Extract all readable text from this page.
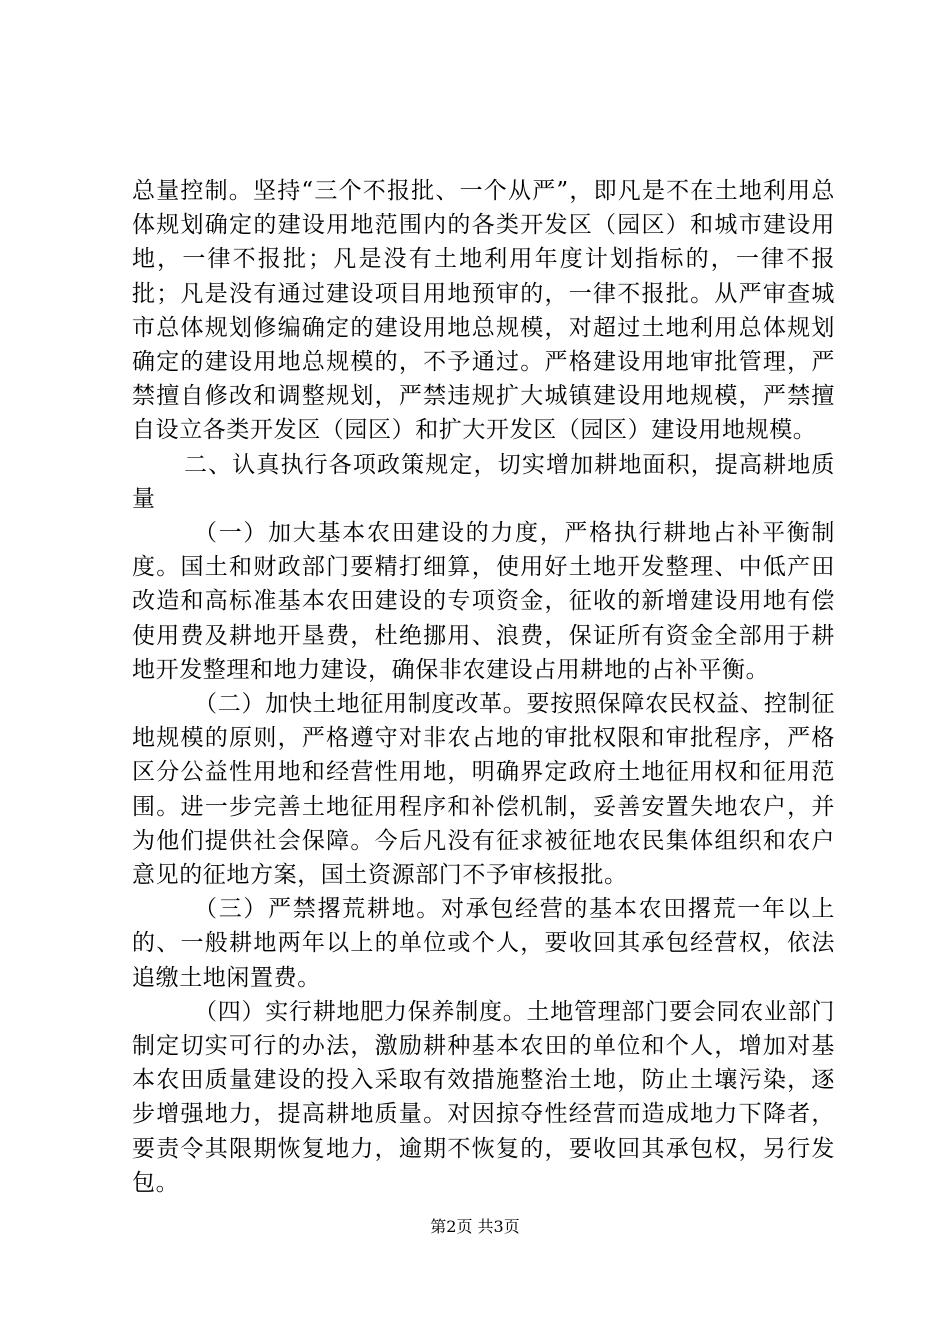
总量控制。坚持“三个不报批、一个从严”，即凡是不在土地利用总体规划确定的建设用地范围内的各类开发区（园区）和城市建设用地，一律不报批；凡是没有土地利用年度计划指标的，一律不报批；凡是没有通过建设项目用地预审的，一律不报批。从严审查城市总体规划修编确定的建设用地总规模，对超过土地利用总体规划确定的建设用地总规模的，不予通过。严格建设用地审批管理，严禁擅自修改和调整规划，严禁违规扩大城镇建设用地规模，严禁擅自设立各类开发区（园区）和扩大开发区（园区）建设用地规模。

二、认真执行各项政策规定，切实增加耕地面积，提高耕地质量

（一）加大基本农田建设的力度，严格执行耕地占补平衡制度。国土和财政部门要精打细算，使用好土地开发整理、中低产田改造和高标准基本农田建设的专项资金，征收的新增建设用地有偿使用费及耕地开垦费，杜绝挪用、浪费，保证所有资金全部用于耕地开发整理和地力建设，确保非农建设占用耕地的占补平衡。

（二）加快土地征用制度改革。要按照保障农民权益、控制征地规模的原则，严格遵守对非农占地的审批权限和审批程序，严格区分公益性用地和经营性用地，明确界定政府土地征用权和征用范围。进一步完善土地征用程序和补偿机制，妥善安置失地农户，并为他们提供社会保障。今后凡没有征求被征地农民集体组织和农户意见的征地方案，国土资源部门不予审核报批。

（三）严禁撂荒耕地。对承包经营的基本农田撂荒一年以上的、一般耕地两年以上的单位或个人，要收回其承包经营权，依法追缴土地闲置费。

（四）实行耕地肥力保养制度。土地管理部门要会同农业部门制定切实可行的办法，激励耕种基本农田的单位和个人，增加对基本农田质量建设的投入采取有效措施整治土地，防止土壤污染，逐步增强地力，提高耕地质量。对因掠夺性经营而造成地力下降者，要责令其限期恢复地力，逾期不恢复的，要收回其承包权，另行发包。

第2页 共3页
